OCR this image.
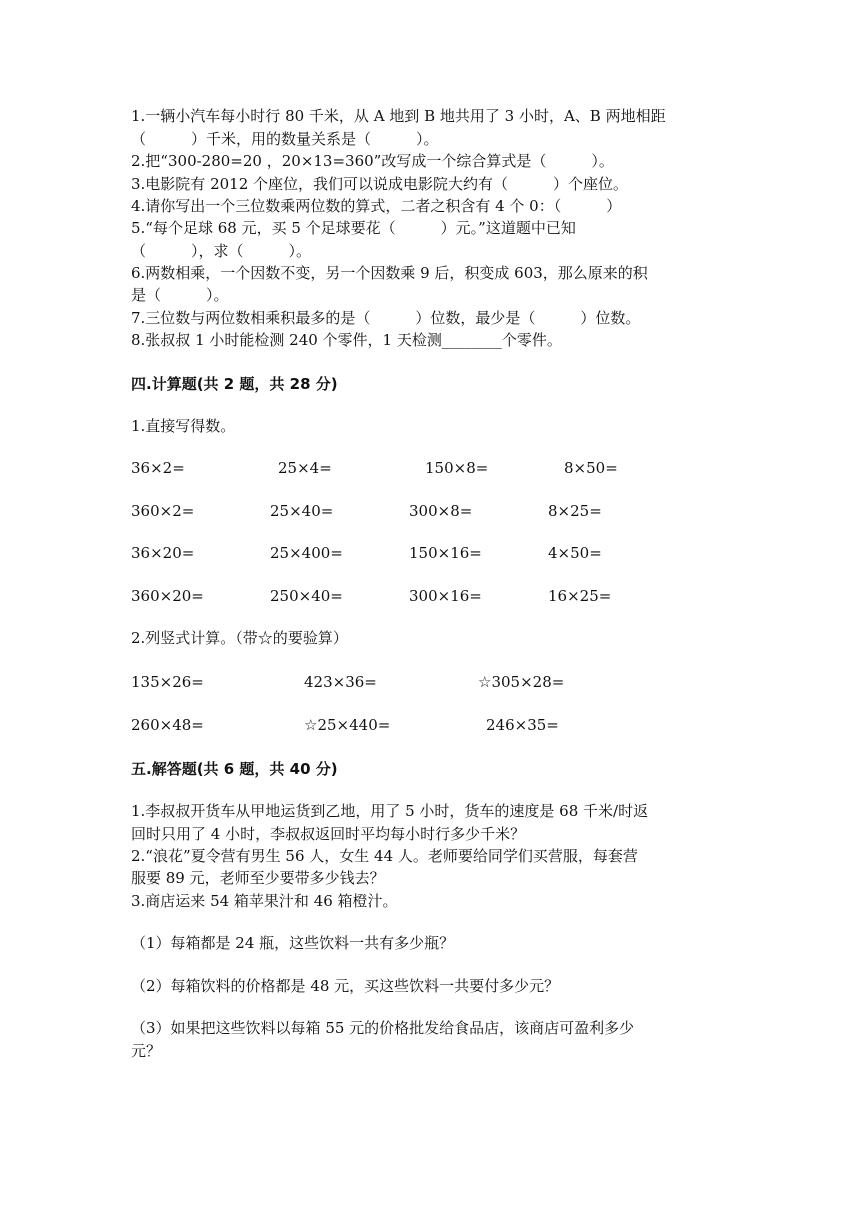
1.一辆小汽车每小时行 80 千米，从 A 地到 B 地共用了 3 小时，A、B 两地相距
（　　　）千米，用的数量关系是（　　　）。
2.把“300-280=20 ，20×13=360”改写成一个综合算式是（　　　）。
3.电影院有 2012 个座位，我们可以说成电影院大约有（　　　）个座位。
4.请你写出一个三位数乘两位数的算式，二者之积含有 4 个 0：（　　　）
5.“每个足球 68 元，买 5 个足球要花（　　　）元。”这道题中已知
（　　　），求（　　　）。
6.两数相乘，一个因数不变，另一个因数乘 9 后，积变成 603，那么原来的积
是（　　　）。
7.三位数与两位数相乘积最多的是（　　　）位数，最少是（　　　）位数。
8.张叔叔 1 小时能检测 240 个零件，1 天检测________个零件。
四.计算题(共 2 题，共 28 分)
1.直接写得数。
36×2=	25×4=	150×8=	8×50=
360×2=	25×40=	300×8=	8×25=
36×20=	25×400=	150×16=	4×50=
360×20=	250×40=	300×16=	16×25=
2.列竖式计算。（带☆的要验算）
135×26=	423×36=	☆305×28=
260×48=	☆25×440=	246×35=
五.解答题(共 6 题，共 40 分)
1.李叔叔开货车从甲地运货到乙地，用了 5 小时，货车的速度是 68 千米/时返
回时只用了 4 小时，李叔叔返回时平均每小时行多少千米？
2.“浪花”夏令营有男生 56 人，女生 44 人。老师要给同学们买营服，每套营
服要 89 元，老师至少要带多少钱去？
3.商店运来 54 箱苹果汁和 46 箱橙汁。
（1）每箱都是 24 瓶，这些饮料一共有多少瓶？
（2）每箱饮料的价格都是 48 元，买这些饮料一共要付多少元？
（3）如果把这些饮料以每箱 55 元的价格批发给食品店，该商店可盈利多少
元？
